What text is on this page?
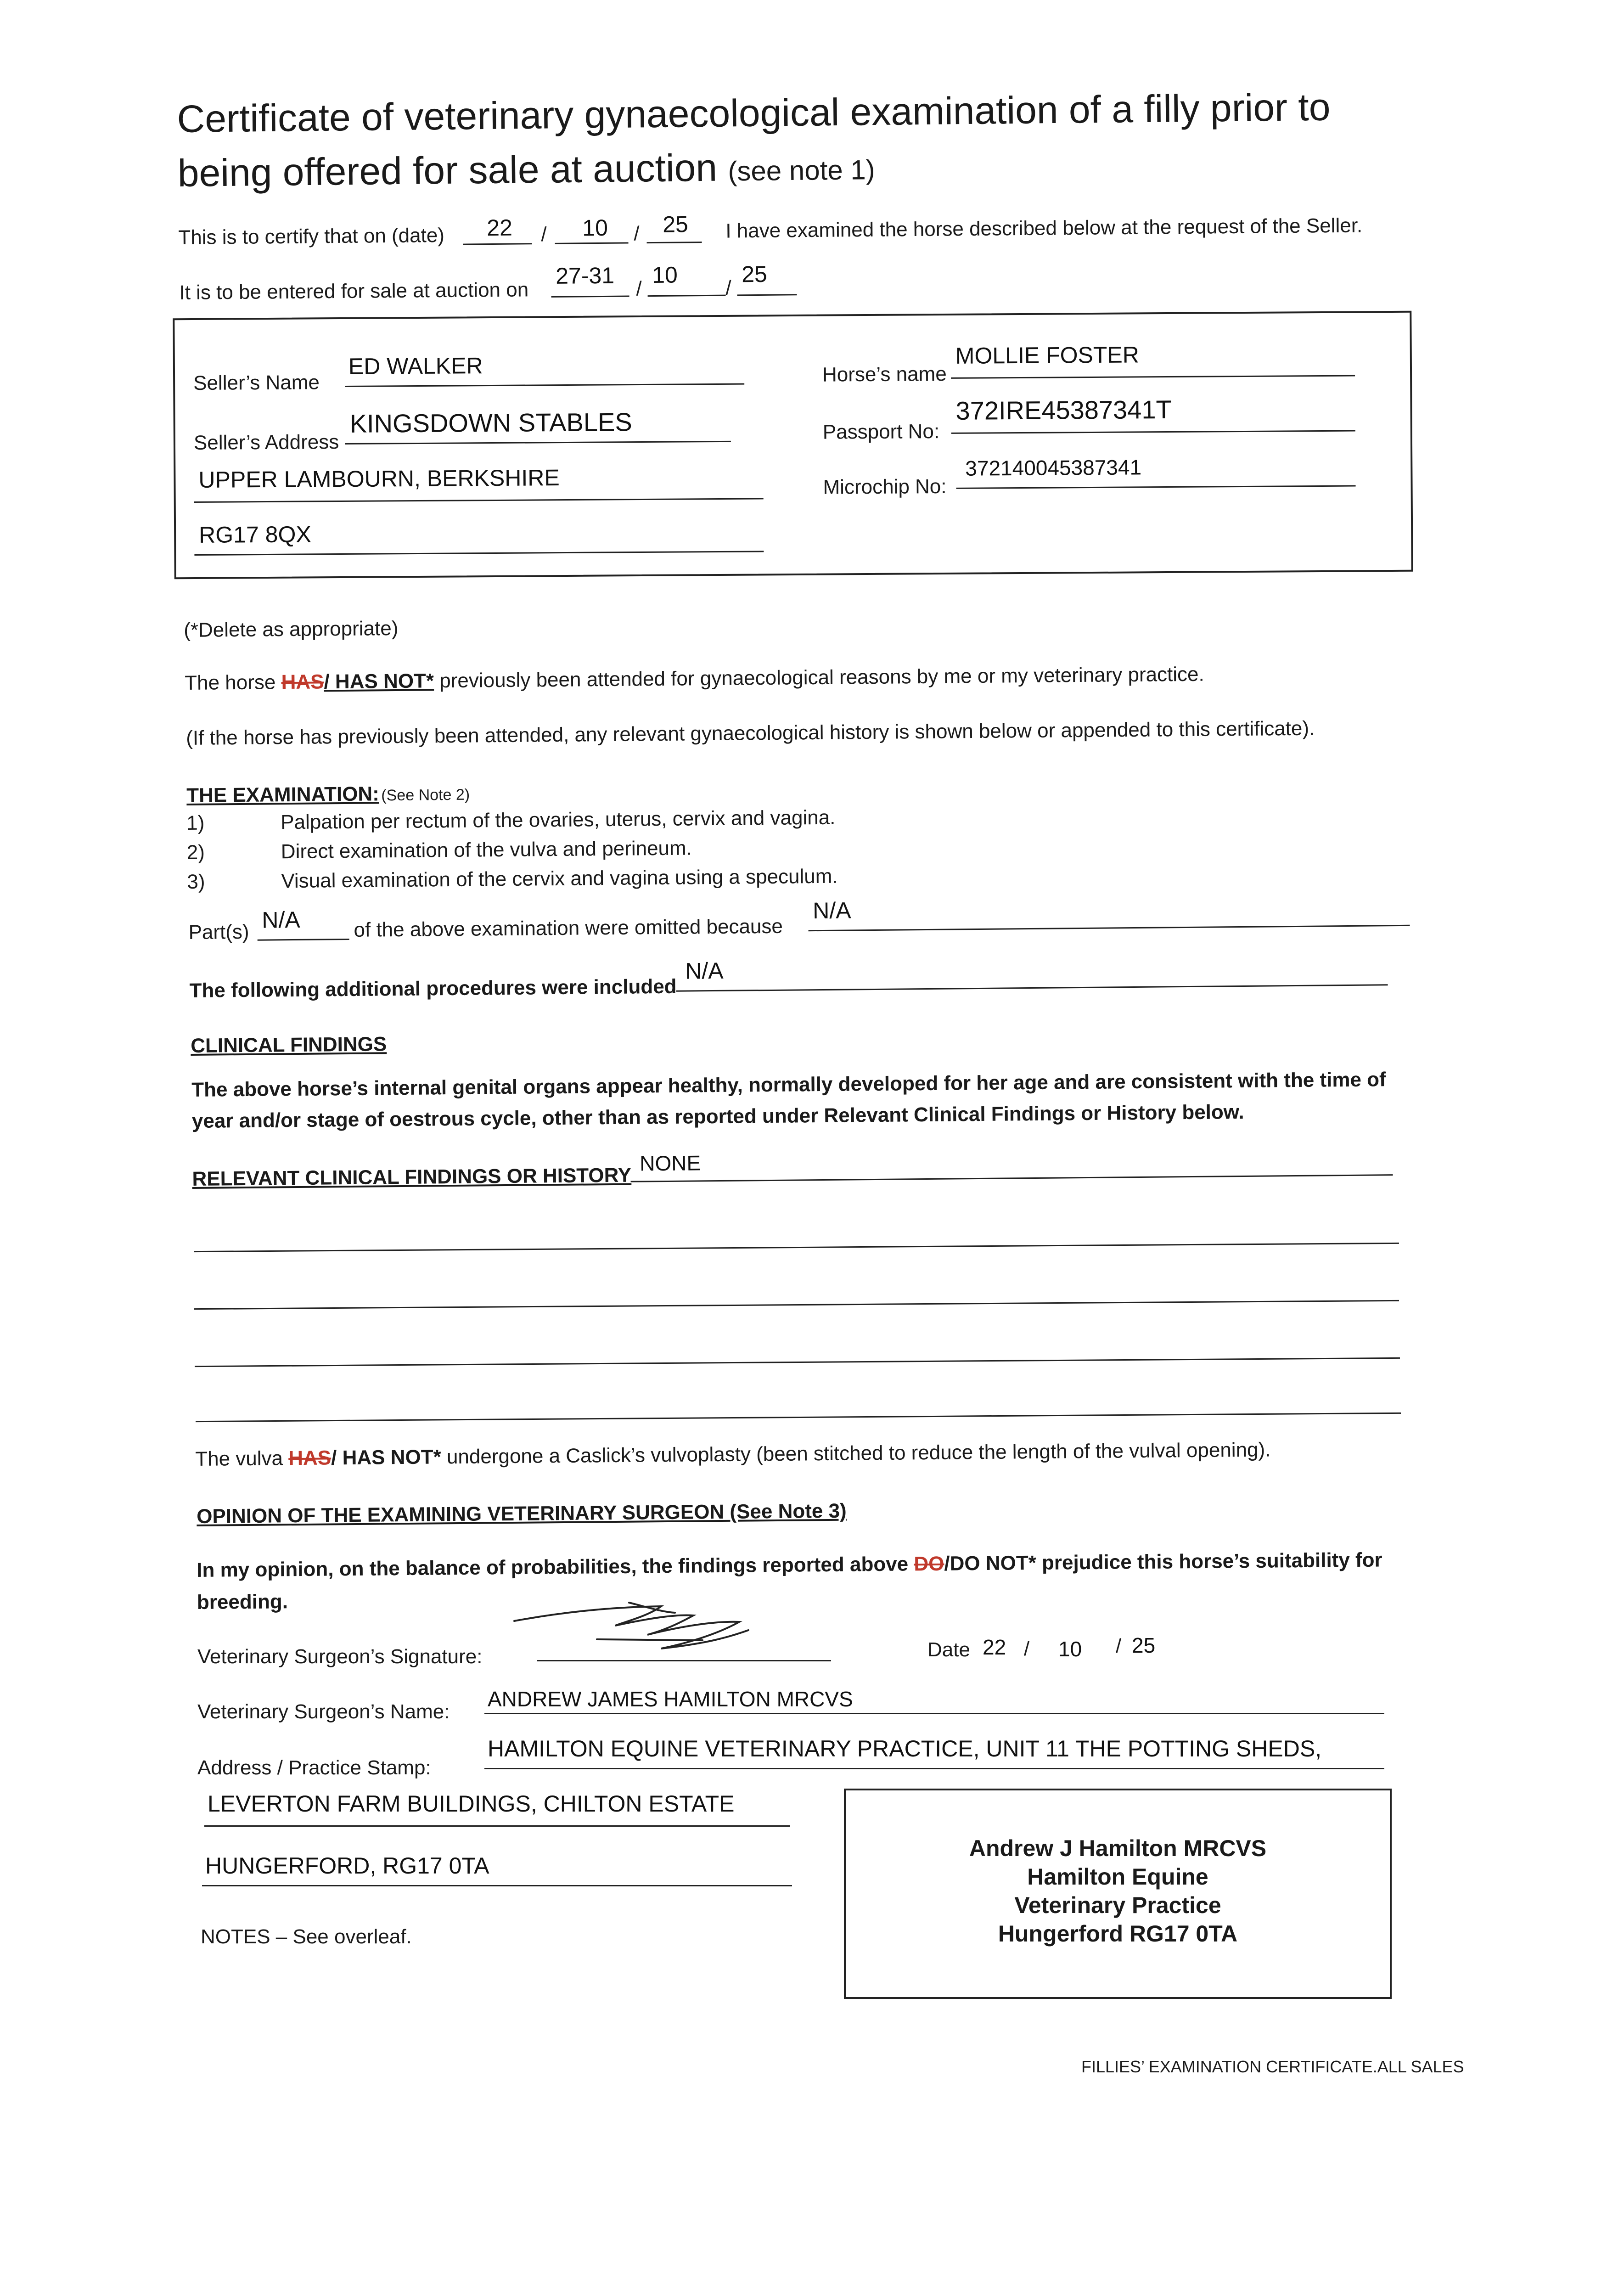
Certificate of veterinary gynaecological examination of a filly prior to being offered for sale at auction (see note 1)
This is to certify that on (date) 22 / 10 / 25 I have examined the horse described below at the request of the Seller.
It is to be entered for sale at auction on
27-31 /
10
/
25
Seller’s Name
ED WALKER
Seller’s Address
KINGSDOWN STABLES
UPPER LAMBOURN, BERKSHIRE
RG17 8QX
Horse’s name
MOLLIE FOSTER
Passport No:
372IRE45387341T
Microchip No:
372140045387341
(*Delete as appropriate)
The horse HAS/ HAS NOT* previously been attended for gynaecological reasons by me or my veterinary practice.
(If the horse has previously been attended, any relevant gynaecological history is shown below or appended to this certificate).
THE EXAMINATION: (See Note 2)
1)	Palpation per rectum of the ovaries, uterus, cervix and vagina.
2)	Direct examination of the vulva and perineum.
3)	Visual examination of the cervix and vagina using a speculum.
Part(s) N/A	of the above examination were omitted because
N/A
The following additional procedures were included
N/A
CLINICAL FINDINGS
The above horse’s internal genital organs appear healthy, normally developed for her age and are consistent with the time of year and/or stage of oestrous cycle, other than as reported under Relevant Clinical Findings or History below.
RELEVANT CLINICAL FINDINGS OR HISTORY
NONE
The vulva HAS/ HAS NOT* undergone a Caslick’s vulvoplasty (been stitched to reduce the length of the vulval opening).
OPINION OF THE EXAMINING VETERINARY SURGEON (See Note 3)
In my opinion, on the balance of probabilities, the findings reported above DO/DO NOT* prejudice this horse’s suitability for breeding.
Veterinary Surgeon’s Signature:	Date 22 / 10 / 25
Veterinary Surgeon’s Name:
ANDREW JAMES HAMILTON MRCVS
Address / Practice Stamp:
HAMILTON EQUINE VETERINARY PRACTICE, UNIT 11 THE POTTING SHEDS,
LEVERTON FARM BUILDINGS, CHILTON ESTATE
HUNGERFORD, RG17 0TA
NOTES – See overleaf.
Andrew J Hamilton MRCVS
Hamilton Equine
Veterinary Practice
Hungerford RG17 0TA
FILLIES’ EXAMINATION CERTIFICATE.ALL SALES
